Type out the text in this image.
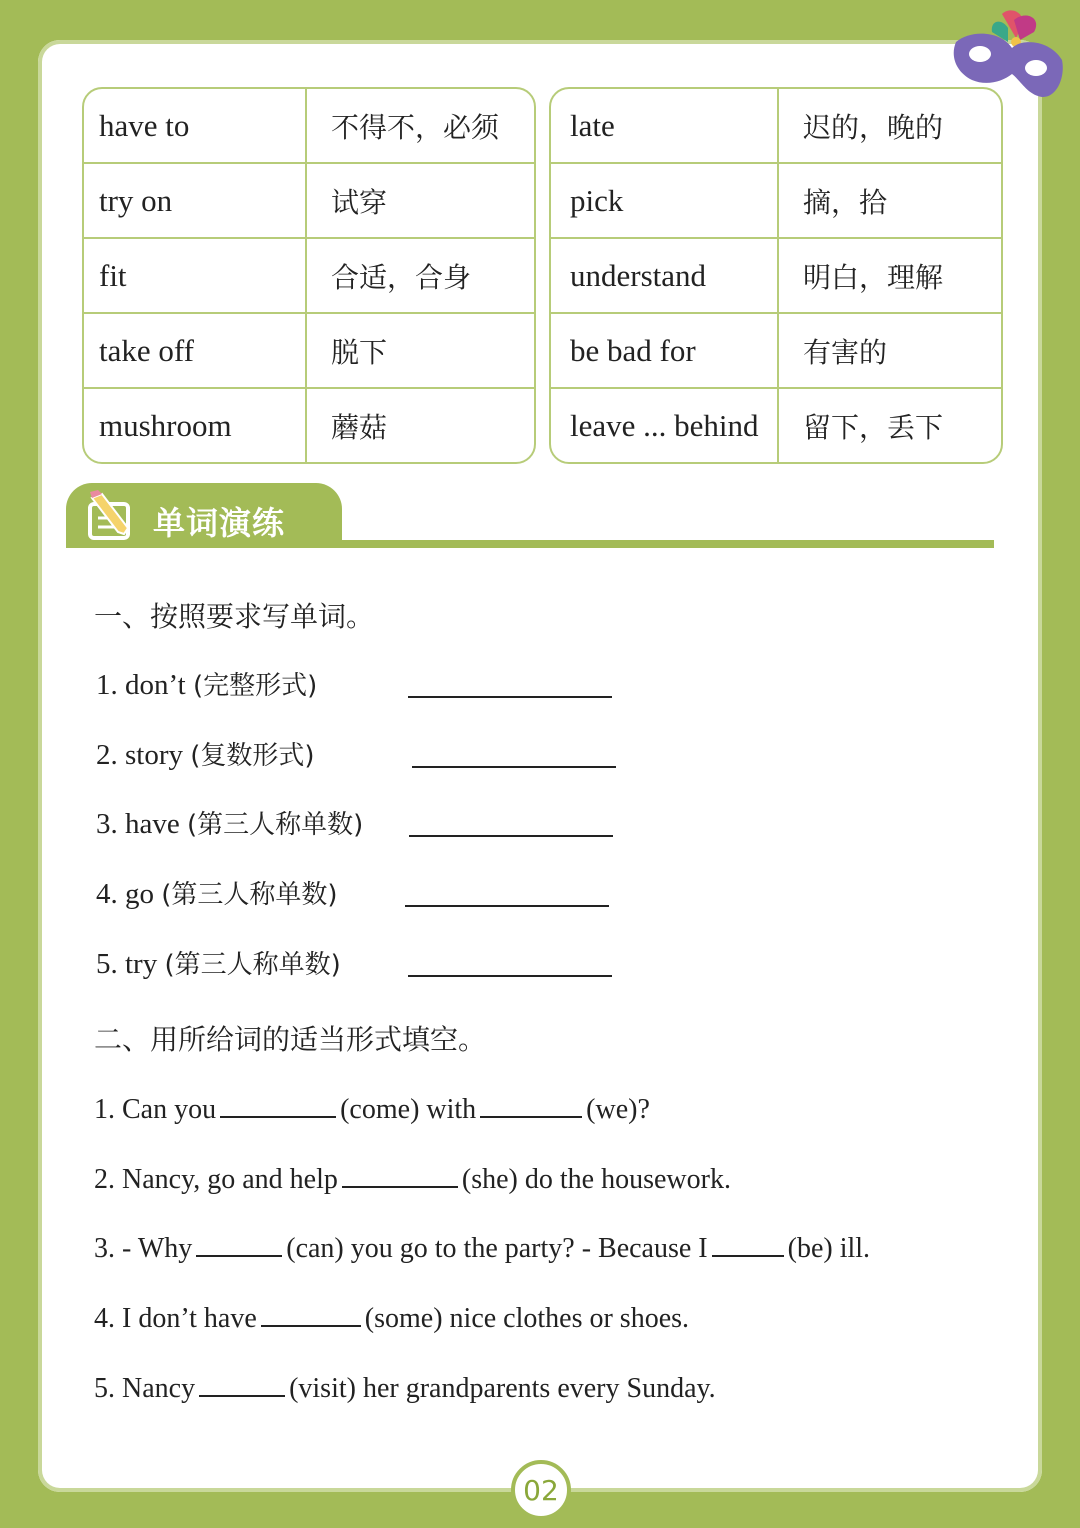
have to	不得不，必须
try on	试穿
fit	合适，合身
take off	脱下
mushroom	蘑菇
late	迟的，晚的
pick	摘，拾
understand	明白，理解
be bad for	有害的
leave ... behind	留下，丢下
单词演练
一、按照要求写单词。
1. don’t (完整形式)
2. story (复数形式)
3. have (第三人称单数)
4. go (第三人称单数)
5. try (第三人称单数)
二、用所给词的适当形式填空。
1. Can you	(come) with	(we)?
2. Nancy, go and help	(she) do the housework.
3. - Why	(can) you go to the party? - Because I	(be) ill.
4. I don’t have	(some) nice clothes or shoes.
5. Nancy	(visit) her grandparents every Sunday.
02
